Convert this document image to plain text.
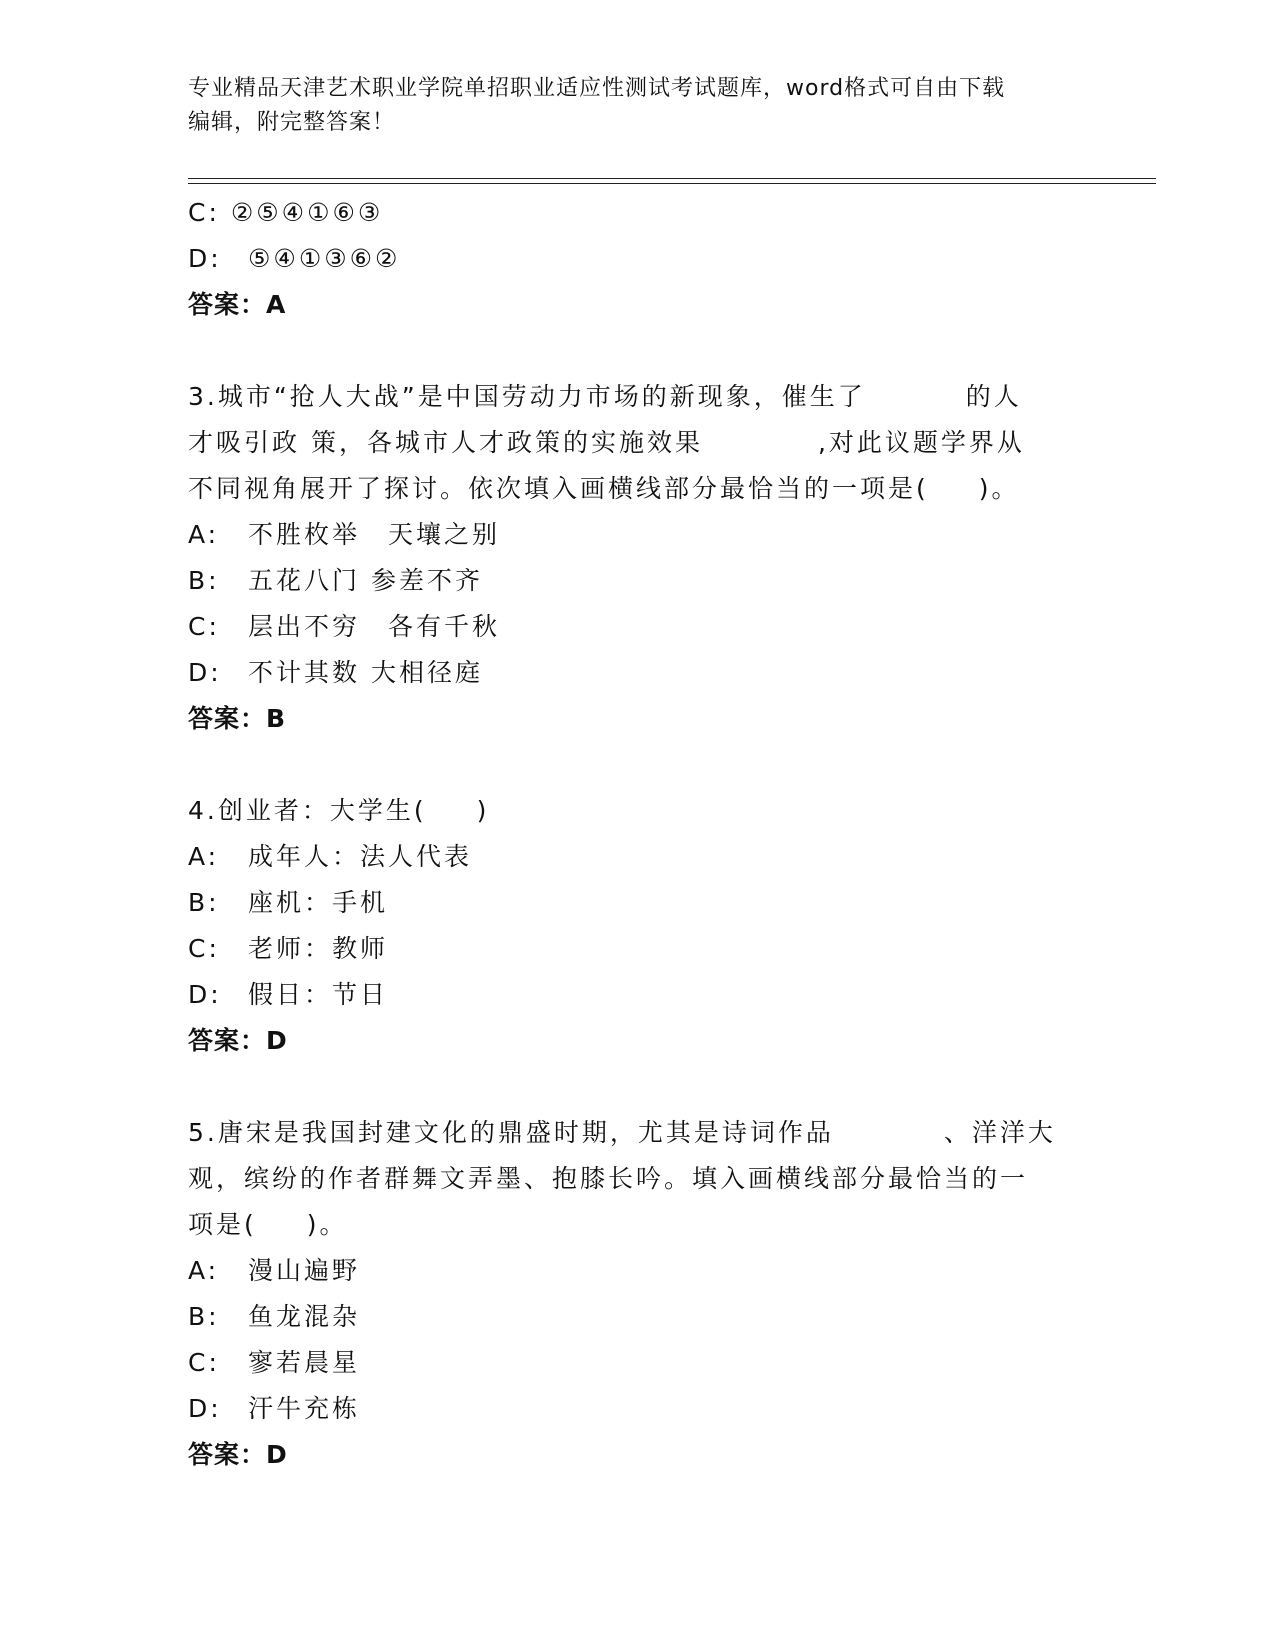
专业精品天津艺术职业学院单招职业适应性测试考试题库，word格式可自由下载
编辑，附完整答案！
C: ②⑤④①⑥③
D: ⑤④①③⑥②
答案：A
3.城市“抢人大战”是中国劳动力市场的新现象，催生了	的人
才吸引政 策，各城市人才政策的实施效果	,对此议题学界从
不同视角展开了探讨。依次填入画横线部分最恰当的一项是( )。
A: 不胜枚举　天壤之别
B: 五花八门 参差不齐
C: 层出不穷　各有千秋
D: 不计其数 大相径庭
答案：B
4.创业者：大学生( )
A: 成年人：法人代表
B: 座机：手机
C: 老师：教师
D: 假日：节日
答案：D
5.唐宋是我国封建文化的鼎盛时期，尤其是诗词作品	、洋洋大
观，缤纷的作者群舞文弄墨、抱膝长吟。填入画横线部分最恰当的一
项是( )。
A: 漫山遍野
B: 鱼龙混杂
C: 寥若晨星
D: 汗牛充栋
答案：D
